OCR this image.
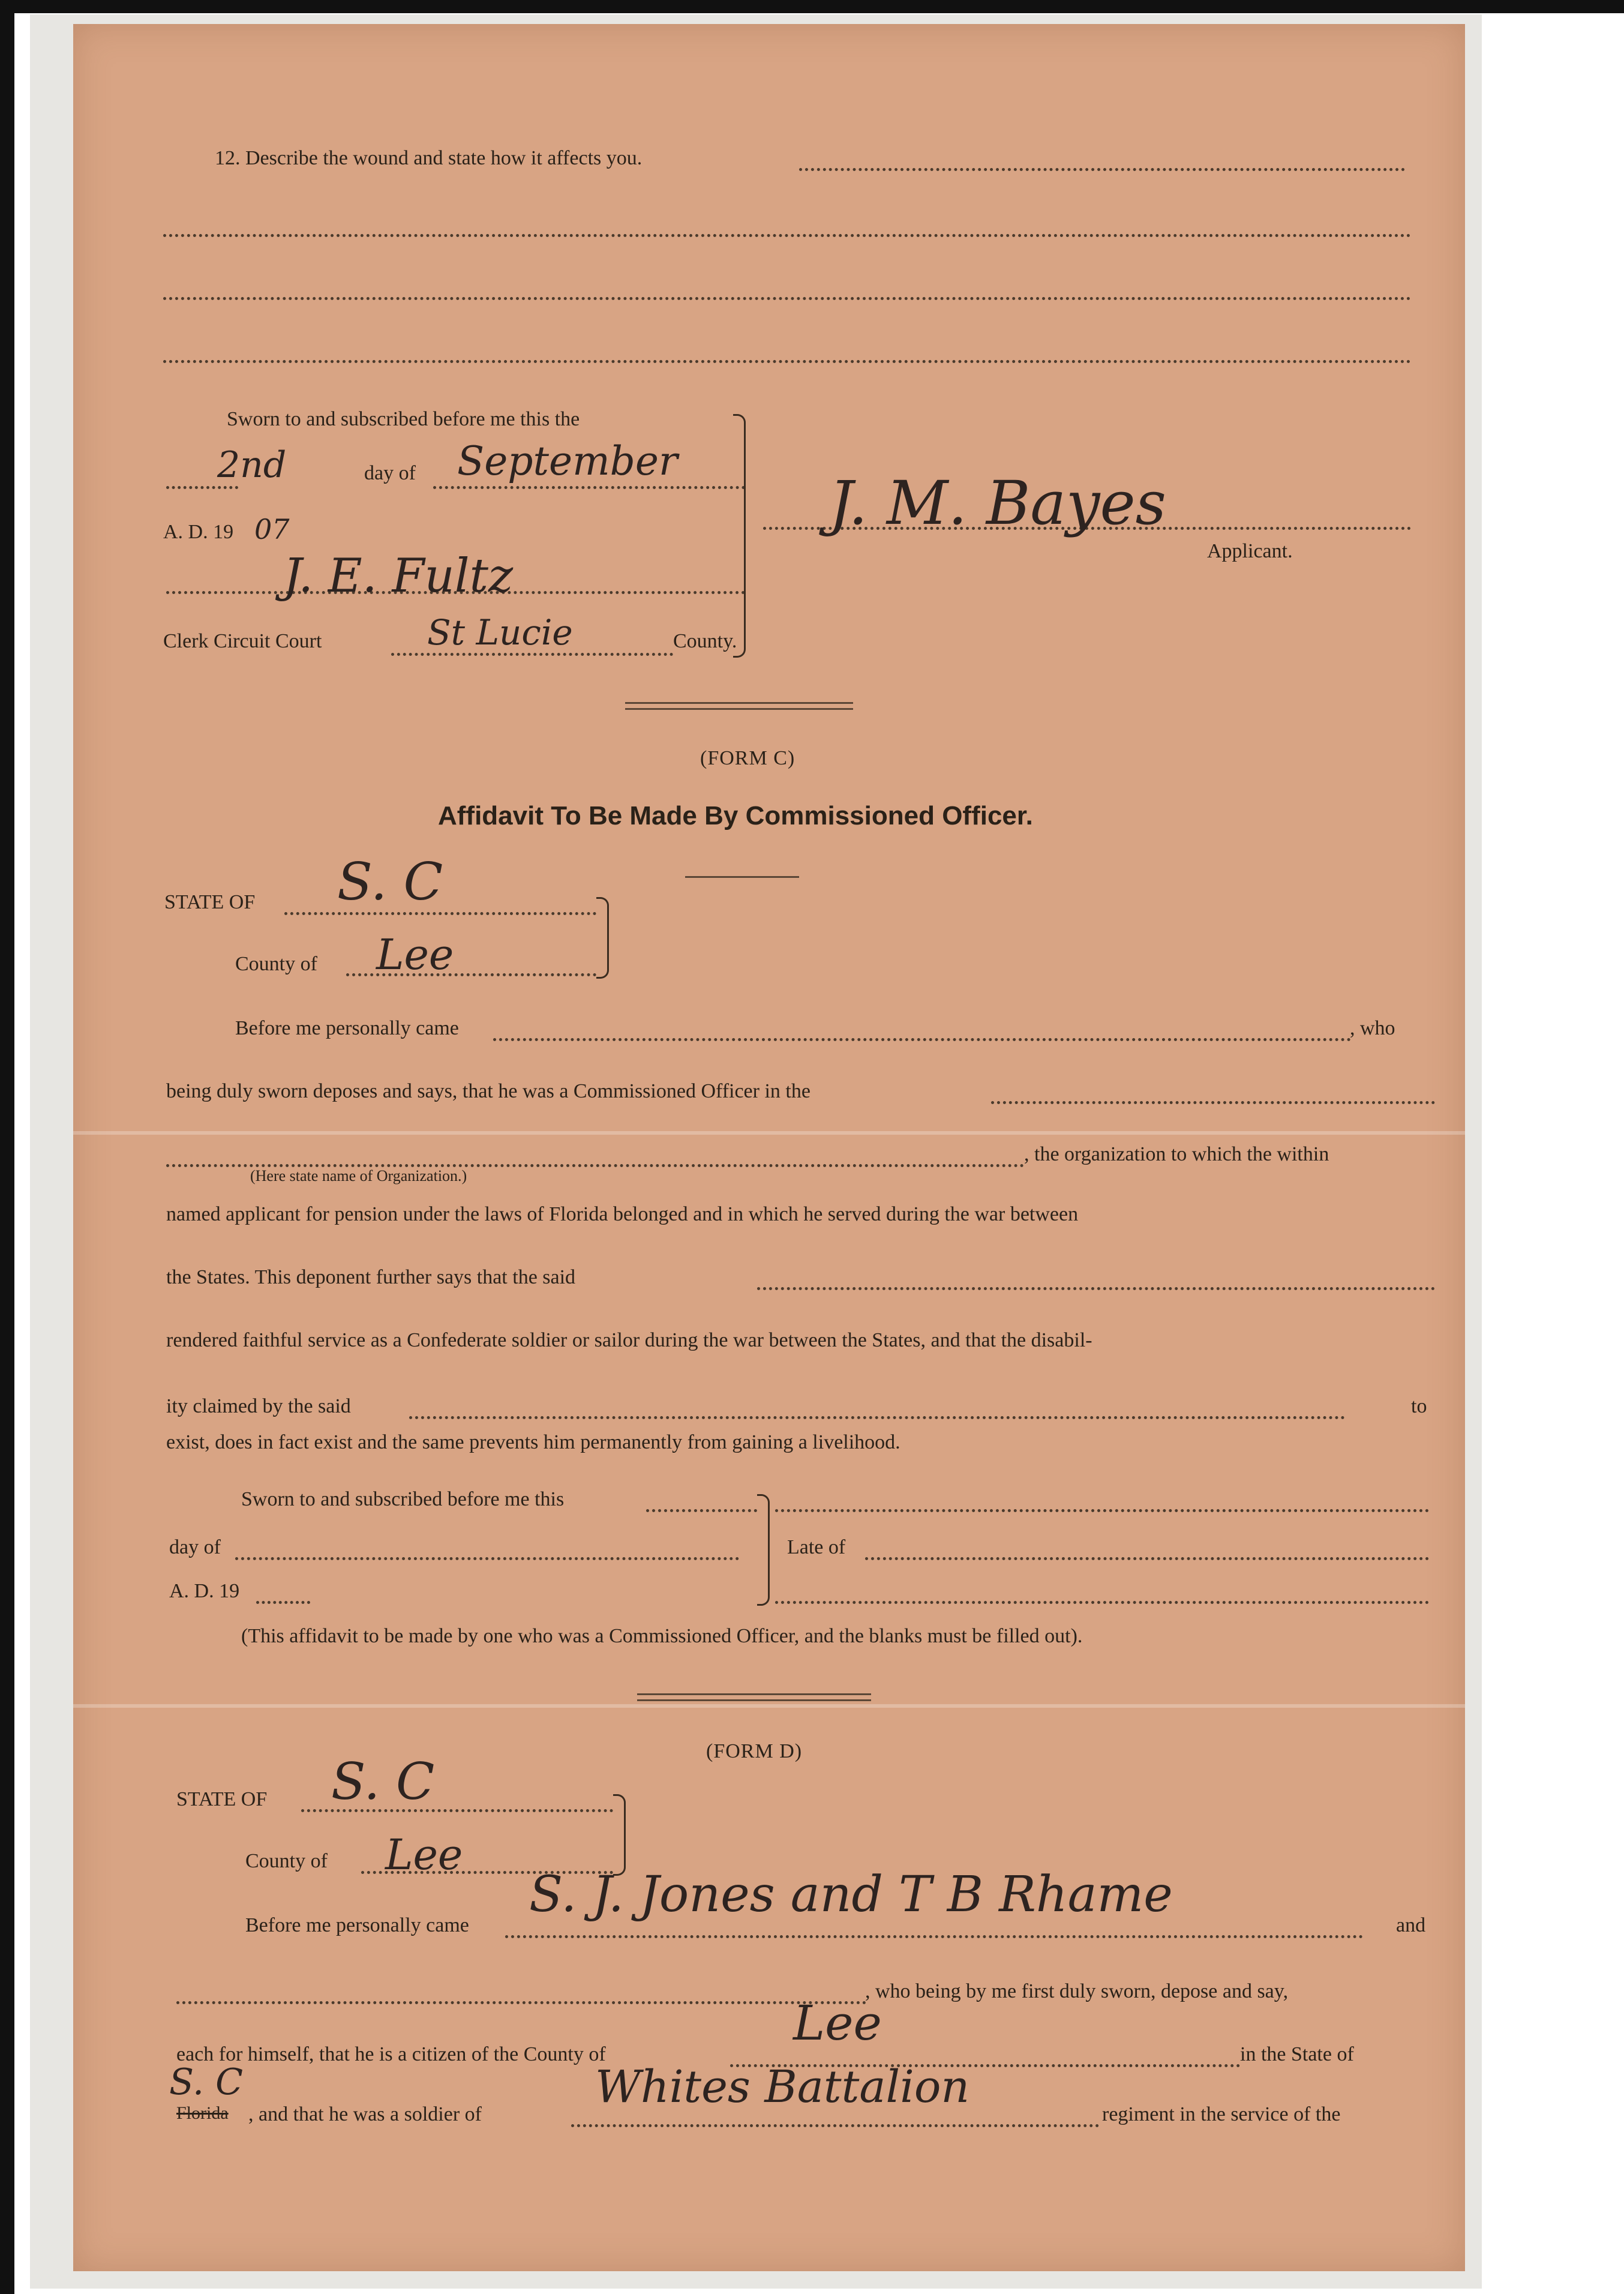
12. Describe the wound and state how it affects you.
Sworn to and subscribed before me this the
2nd	day of September
A. D. 19 07
J. E. Fultz
Clerk Circuit Court	St Lucie	County.
J. M. Bayes
Applicant.
(FORM C)
Affidavit To Be Made By Commissioned Officer.
STATE OF S. C
County of Lee
Before me personally came	, who
being duly sworn deposes and says, that he was a Commissioned Officer in the
, the organization to which the within
(Here state name of Organization.)
named applicant for pension under the laws of Florida belonged and in which he served during the war between
the States. This deponent further says that the said
rendered faithful service as a Confederate soldier or sailor during the war between the States, and that the disabil-
ity claimed by the said	to
exist, does in fact exist and the same prevents him permanently from gaining a livelihood.
Sworn to and subscribed before me this
day of
A. D. 19
Late of
(This affidavit to be made by one who was a Commissioned Officer, and the blanks must be filled out).
(FORM D)
STATE OF S. C
County of Lee
Before me personally came
S. J. Jones and T B Rhame
and
, who being by me first duly sworn, depose and say,
each for himself, that he is a citizen of the County of
Lee
in the State of
S. C
Florida , and that he was a soldier of
Whites Battalion
regiment in the service of the
